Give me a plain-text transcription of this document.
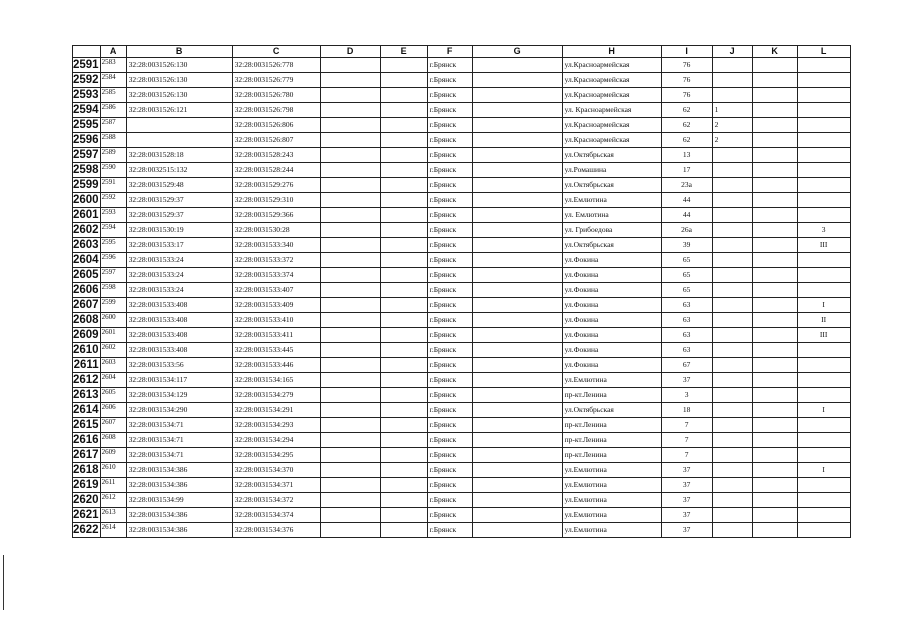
	A	B	C	D	E	F	G	H	I	J	K	L
2591	2583	32:28:0031526:130	32:28:0031526:778			г.Брянск		ул.Красноармейская	76			
2592	2584	32:28:0031526:130	32:28:0031526:779			г.Брянск		ул.Красноармейская	76			
2593	2585	32:28:0031526:130	32:28:0031526:780			г.Брянск		ул.Красноармейская	76			
2594	2586	32:28:0031526:121	32:28:0031526:798			г.Брянск		ул. Красноармейская	62	1		
2595	2587		32:28:0031526:806			г.Брянск		ул.Красноармейская	62	2		
2596	2588		32:28:0031526:807			г.Брянск		ул.Красноармейская	62	2		
2597	2589	32:28:0031528:18	32:28:0031528:243			г.Брянск		ул.Октябрьская	13			
2598	2590	32:28:0032515:132	32:28:0031528:244			г.Брянск		ул.Ромашина	17			
2599	2591	32:28:0031529:48	32:28:0031529:276			г.Брянск		ул.Октябрьская	23а			
2600	2592	32:28:0031529:37	32:28:0031529:310			г.Брянск		ул.Емлютина	44			
2601	2593	32:28:0031529:37	32:28:0031529:366			г.Брянск		ул. Емлютина	44			
2602	2594	32:28:0031530:19	32:28:0031530:28			г.Брянск		ул. Грибоедова	26а			3
2603	2595	32:28:0031533:17	32:28:0031533:340			г.Брянск		ул.Октябрьская	39			III
2604	2596	32:28:0031533:24	32:28:0031533:372			г.Брянск		ул.Фокина	65			
2605	2597	32:28:0031533:24	32:28:0031533:374			г.Брянск		ул.Фокина	65			
2606	2598	32:28:0031533:24	32:28:0031533:407			г.Брянск		ул.Фокина	65			
2607	2599	32:28:0031533:408	32:28:0031533:409			г.Брянск		ул.Фокина	63			I
2608	2600	32:28:0031533:408	32:28:0031533:410			г.Брянск		ул.Фокина	63			II
2609	2601	32:28:0031533:408	32:28:0031533:411			г.Брянск		ул.Фокина	63			III
2610	2602	32:28:0031533:408	32:28:0031533:445			г.Брянск		ул.Фокина	63			
2611	2603	32:28:0031533:56	32:28:0031533:446			г.Брянск		ул.Фокина	67			
2612	2604	32:28:0031534:117	32:28:0031534:165			г.Брянск		ул.Емлютина	37			
2613	2605	32:28:0031534:129	32:28:0031534:279			г.Брянск		пр-кт.Ленина	3			
2614	2606	32:28:0031534:290	32:28:0031534:291			г.Брянск		ул.Октябрьская	18			I
2615	2607	32:28:0031534:71	32:28:0031534:293			г.Брянск		пр-кт.Ленина	7			
2616	2608	32:28:0031534:71	32:28:0031534:294			г.Брянск		пр-кт.Ленина	7			
2617	2609	32:28:0031534:71	32:28:0031534:295			г.Брянск		пр-кт.Ленина	7			
2618	2610	32:28:0031534:386	32:28:0031534:370			г.Брянск		ул.Емлютина	37			I
2619	2611	32:28:0031534:386	32:28:0031534:371			г.Брянск		ул.Емлютина	37			
2620	2612	32:28:0031534:99	32:28:0031534:372			г.Брянск		ул.Емлютина	37			
2621	2613	32:28:0031534:386	32:28:0031534:374			г.Брянск		ул.Емлютина	37			
2622	2614	32:28:0031534:386	32:28:0031534:376			г.Брянск		ул.Емлютина	37			
